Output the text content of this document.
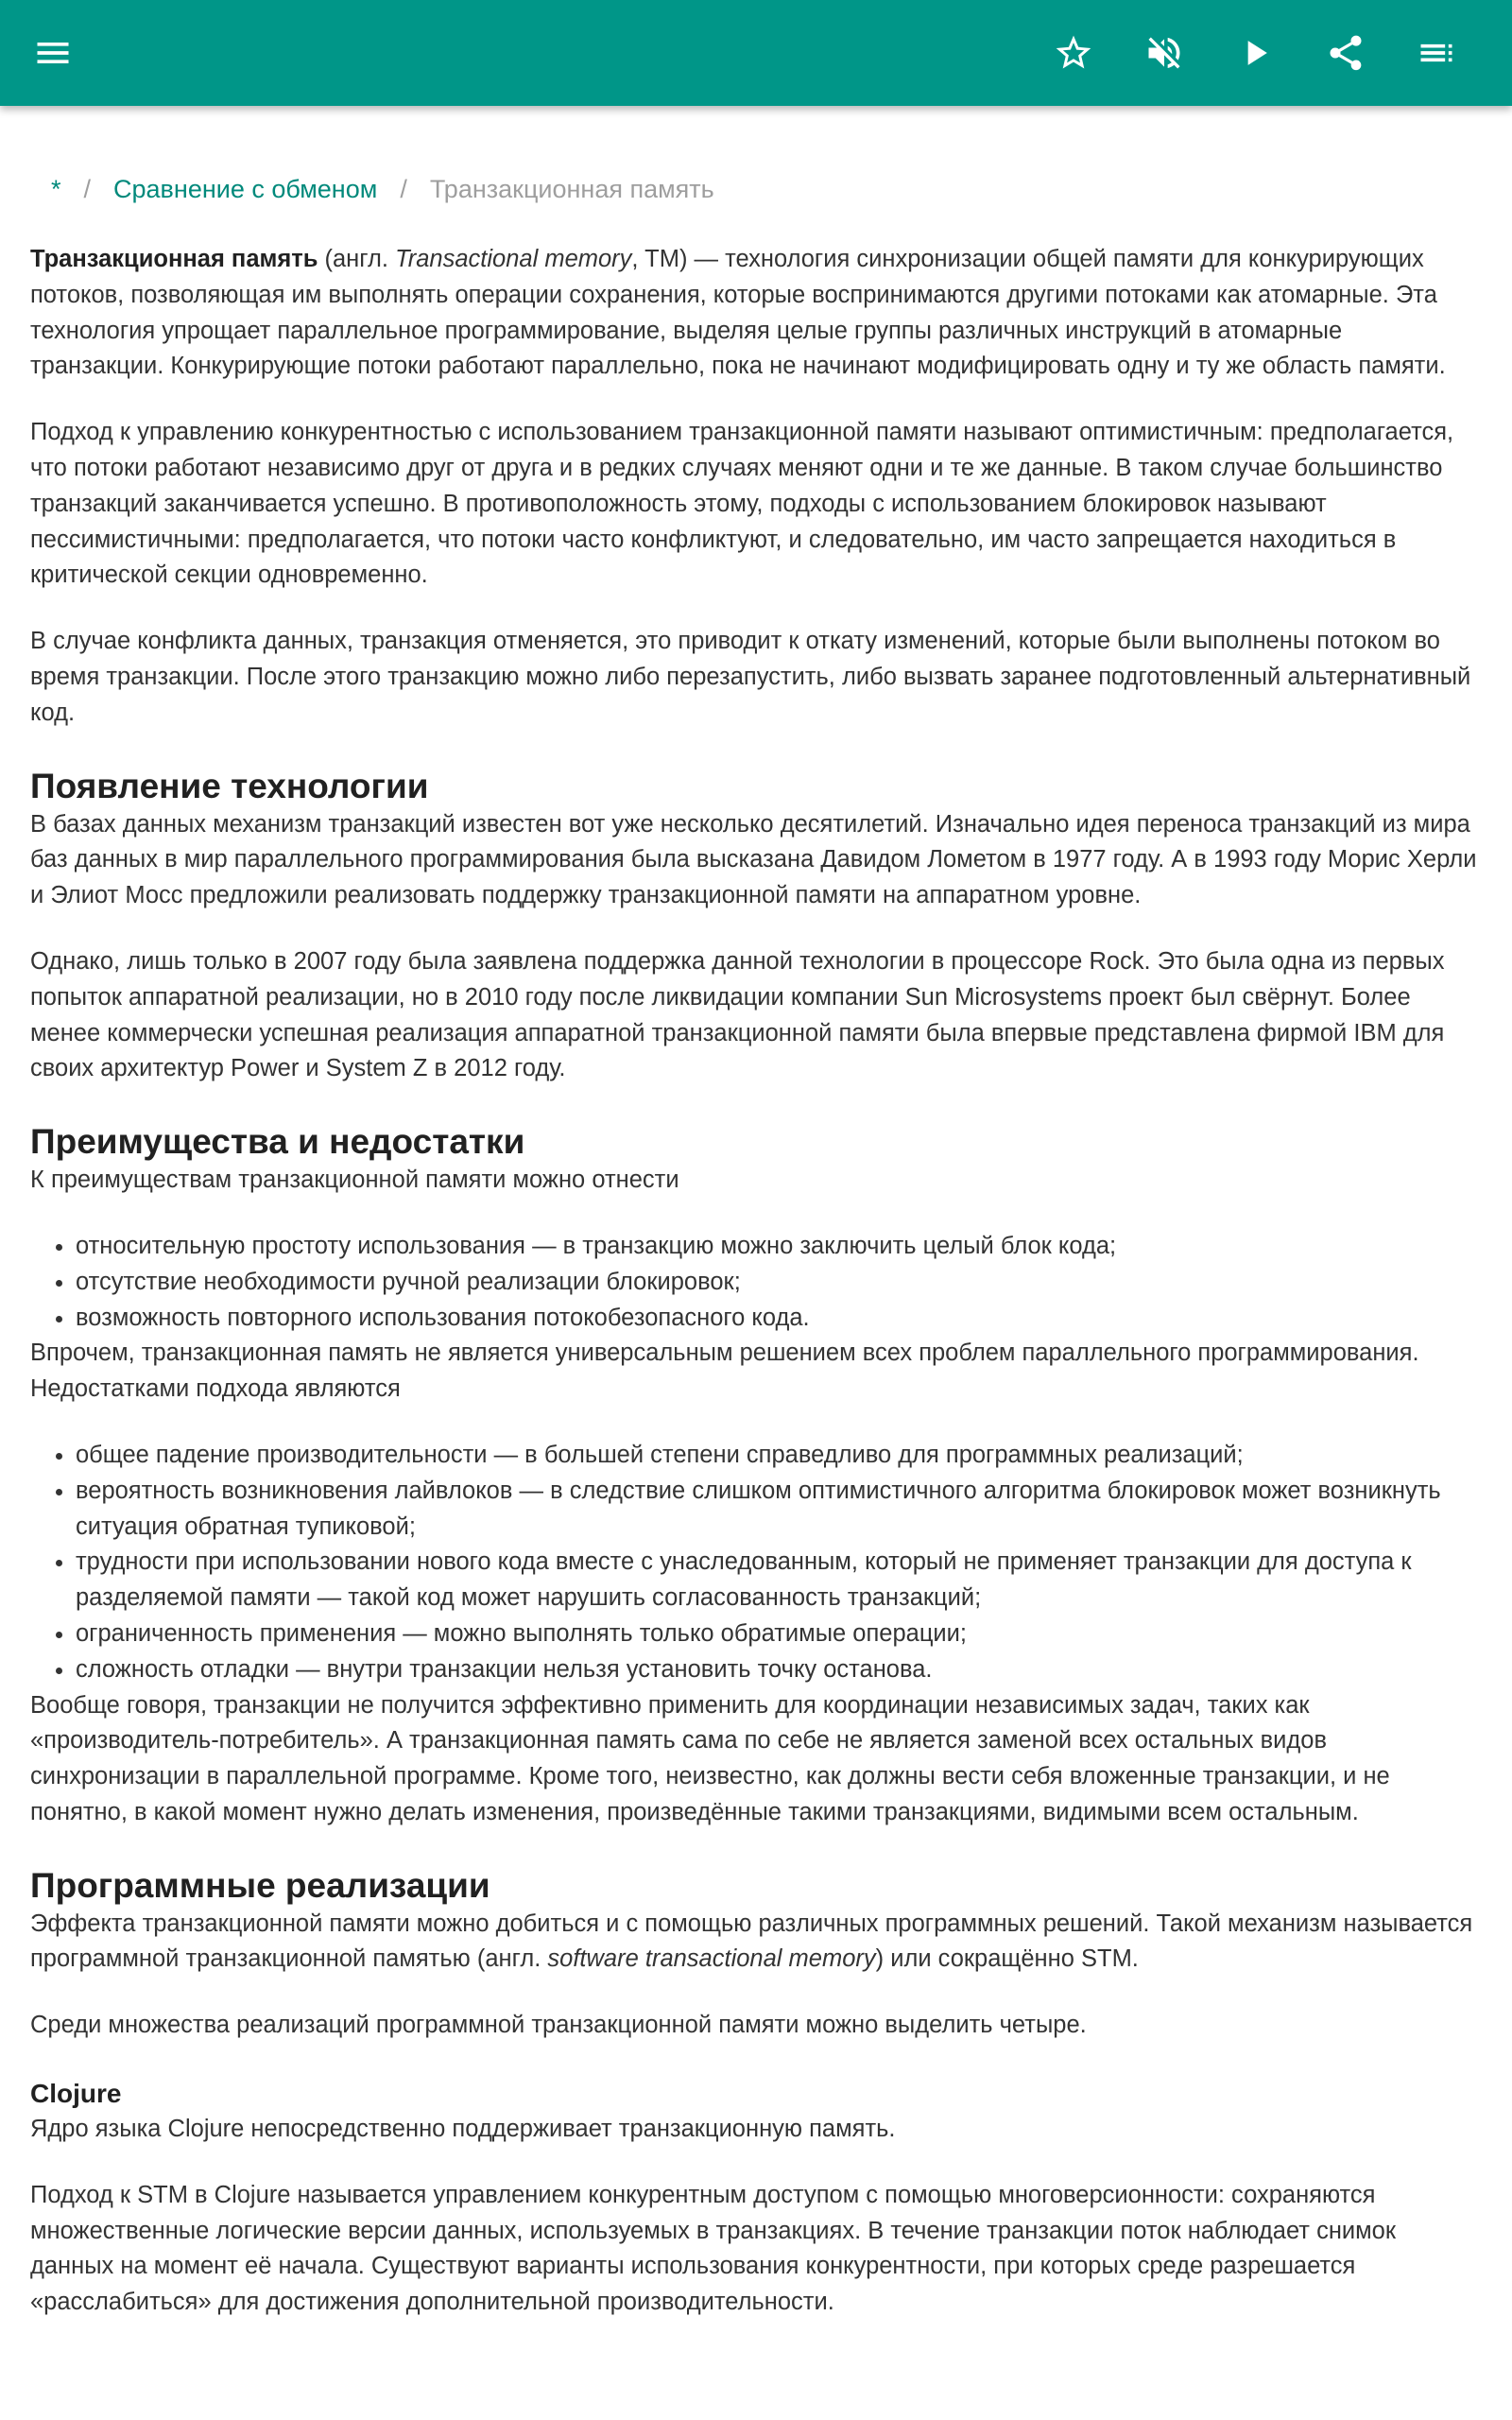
* / Сравнение с обменом / Транзакционная память

Транзакционная память (англ. Transactional memory, TM) — технология синхронизации общей памяти для конкурирующих потоков, позволяющая им выполнять операции сохранения, которые воспринимаются другими потоками как атомарные. Эта технология упрощает параллельное программирование, выделяя целые группы различных инструкций в атомарные транзакции. Конкурирующие потоки работают параллельно, пока не начинают модифицировать одну и ту же область памяти.

Подход к управлению конкурентностью с использованием транзакционной памяти называют оптимистичным: предполагается, что потоки работают независимо друг от друга и в редких случаях меняют одни и те же данные. В таком случае большинство транзакций заканчивается успешно. В противоположность этому, подходы с использованием блокировок называют пессимистичными: предполагается, что потоки часто конфликтуют, и следовательно, им часто запрещается находиться в критической секции одновременно.

В случае конфликта данных, транзакция отменяется, это приводит к откату изменений, которые были выполнены потоком во время транзакции. После этого транзакцию можно либо перезапустить, либо вызвать заранее подготовленный альтернативный код.

Появление технологии

В базах данных механизм транзакций известен вот уже несколько десятилетий. Изначально идея переноса транзакций из мира баз данных в мир параллельного программирования была высказана Давидом Лометом в 1977 году. А в 1993 году Морис Херли и Элиот Мосс предложили реализовать поддержку транзакционной памяти на аппаратном уровне.

Однако, лишь только в 2007 году была заявлена поддержка данной технологии в процессоре Rock. Это была одна из первых попыток аппаратной реализации, но в 2010 году после ликвидации компании Sun Microsystems проект был свёрнут. Более менее коммерчески успешная реализация аппаратной транзакционной памяти была впервые представлена фирмой IBM для своих архитектур Power и System Z в 2012 году.

Преимущества и недостатки

К преимуществам транзакционной памяти можно отнести

• относительную простоту использования — в транзакцию можно заключить целый блок кода;
• отсутствие необходимости ручной реализации блокировок;
• возможность повторного использования потокобезопасного кода.

Впрочем, транзакционная память не является универсальным решением всех проблем параллельного программирования. Недостатками подхода являются

• общее падение производительности — в большей степени справедливо для программных реализаций;
• вероятность возникновения лайвлоков — в следствие слишком оптимистичного алгоритма блокировок может возникнуть ситуация обратная тупиковой;
• трудности при использовании нового кода вместе с унаследованным, который не применяет транзакции для доступа к разделяемой памяти — такой код может нарушить согласованность транзакций;
• ограниченность применения — можно выполнять только обратимые операции;
• сложность отладки — внутри транзакции нельзя установить точку останова.

Вообще говоря, транзакции не получится эффективно применить для координации независимых задач, таких как «производитель-потребитель». А транзакционная память сама по себе не является заменой всех остальных видов синхронизации в параллельной программе. Кроме того, неизвестно, как должны вести себя вложенные транзакции, и не понятно, в какой момент нужно делать изменения, произведённые такими транзакциями, видимыми всем остальным.

Программные реализации

Эффекта транзакционной памяти можно добиться и с помощью различных программных решений. Такой механизм называется программной транзакционной памятью (англ. software transactional memory) или сокращённо STM.

Среди множества реализаций программной транзакционной памяти можно выделить четыре.

Clojure

Ядро языка Clojure непосредственно поддерживает транзакционную память.

Подход к STM в Clojure называется управлением конкурентным доступом с помощью многоверсионности: сохраняются множественные логические версии данных, используемых в транзакциях. В течение транзакции поток наблюдает снимок данных на момент её начала. Существуют варианты использования конкурентности, при которых среде разрешается «расслабиться» для достижения дополнительной производительности.
